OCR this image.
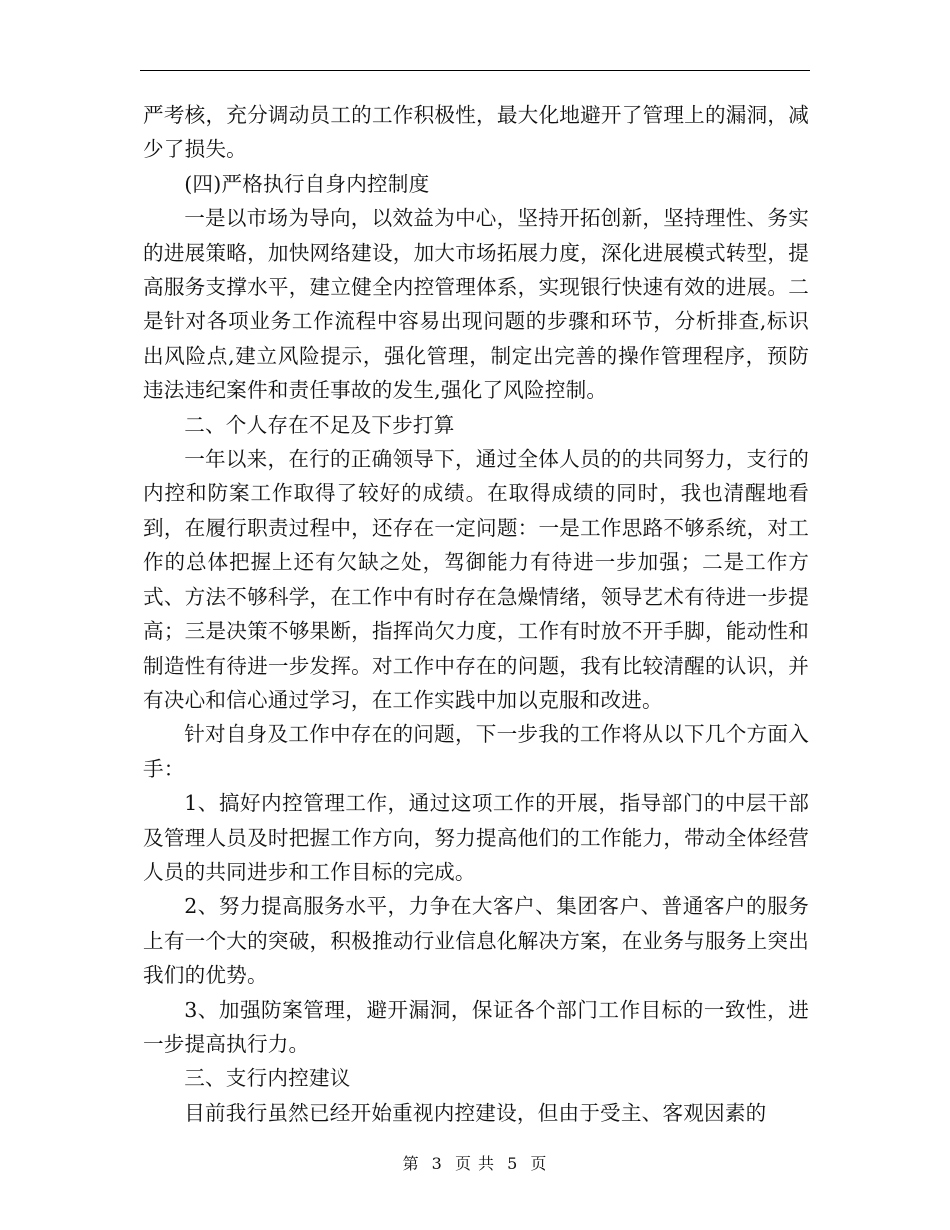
严考核，充分调动员工的工作积极性，最大化地避开了管理上的漏洞，减少了损失。

(四)严格执行自身内控制度

一是以市场为导向，以效益为中心，坚持开拓创新，坚持理性、务实的进展策略，加快网络建设，加大市场拓展力度，深化进展模式转型，提高服务支撑水平，建立健全内控管理体系，实现银行快速有效的进展。二是针对各项业务工作流程中容易出现问题的步骤和环节，分析排查,标识出风险点,建立风险提示，强化管理，制定出完善的操作管理程序，预防违法违纪案件和责任事故的发生,强化了风险控制。

二、个人存在不足及下步打算

一年以来，在行的正确领导下，通过全体人员的的共同努力，支行的内控和防案工作取得了较好的成绩。在取得成绩的同时，我也清醒地看到，在履行职责过程中，还存在一定问题：一是工作思路不够系统，对工作的总体把握上还有欠缺之处，驾御能力有待进一步加强；二是工作方式、方法不够科学，在工作中有时存在急燥情绪，领导艺术有待进一步提高；三是决策不够果断，指挥尚欠力度，工作有时放不开手脚，能动性和制造性有待进一步发挥。对工作中存在的问题，我有比较清醒的认识，并有决心和信心通过学习，在工作实践中加以克服和改进。

针对自身及工作中存在的问题，下一步我的工作将从以下几个方面入手：

1、搞好内控管理工作，通过这项工作的开展，指导部门的中层干部及管理人员及时把握工作方向，努力提高他们的工作能力，带动全体经营人员的共同进步和工作目标的完成。

2、努力提高服务水平，力争在大客户、集团客户、普通客户的服务上有一个大的突破，积极推动行业信息化解决方案，在业务与服务上突出我们的优势。

3、加强防案管理，避开漏洞，保证各个部门工作目标的一致性，进一步提高执行力。

三、支行内控建议

目前我行虽然已经开始重视内控建设，但由于受主、客观因素的

第 3 页 共 5 页
